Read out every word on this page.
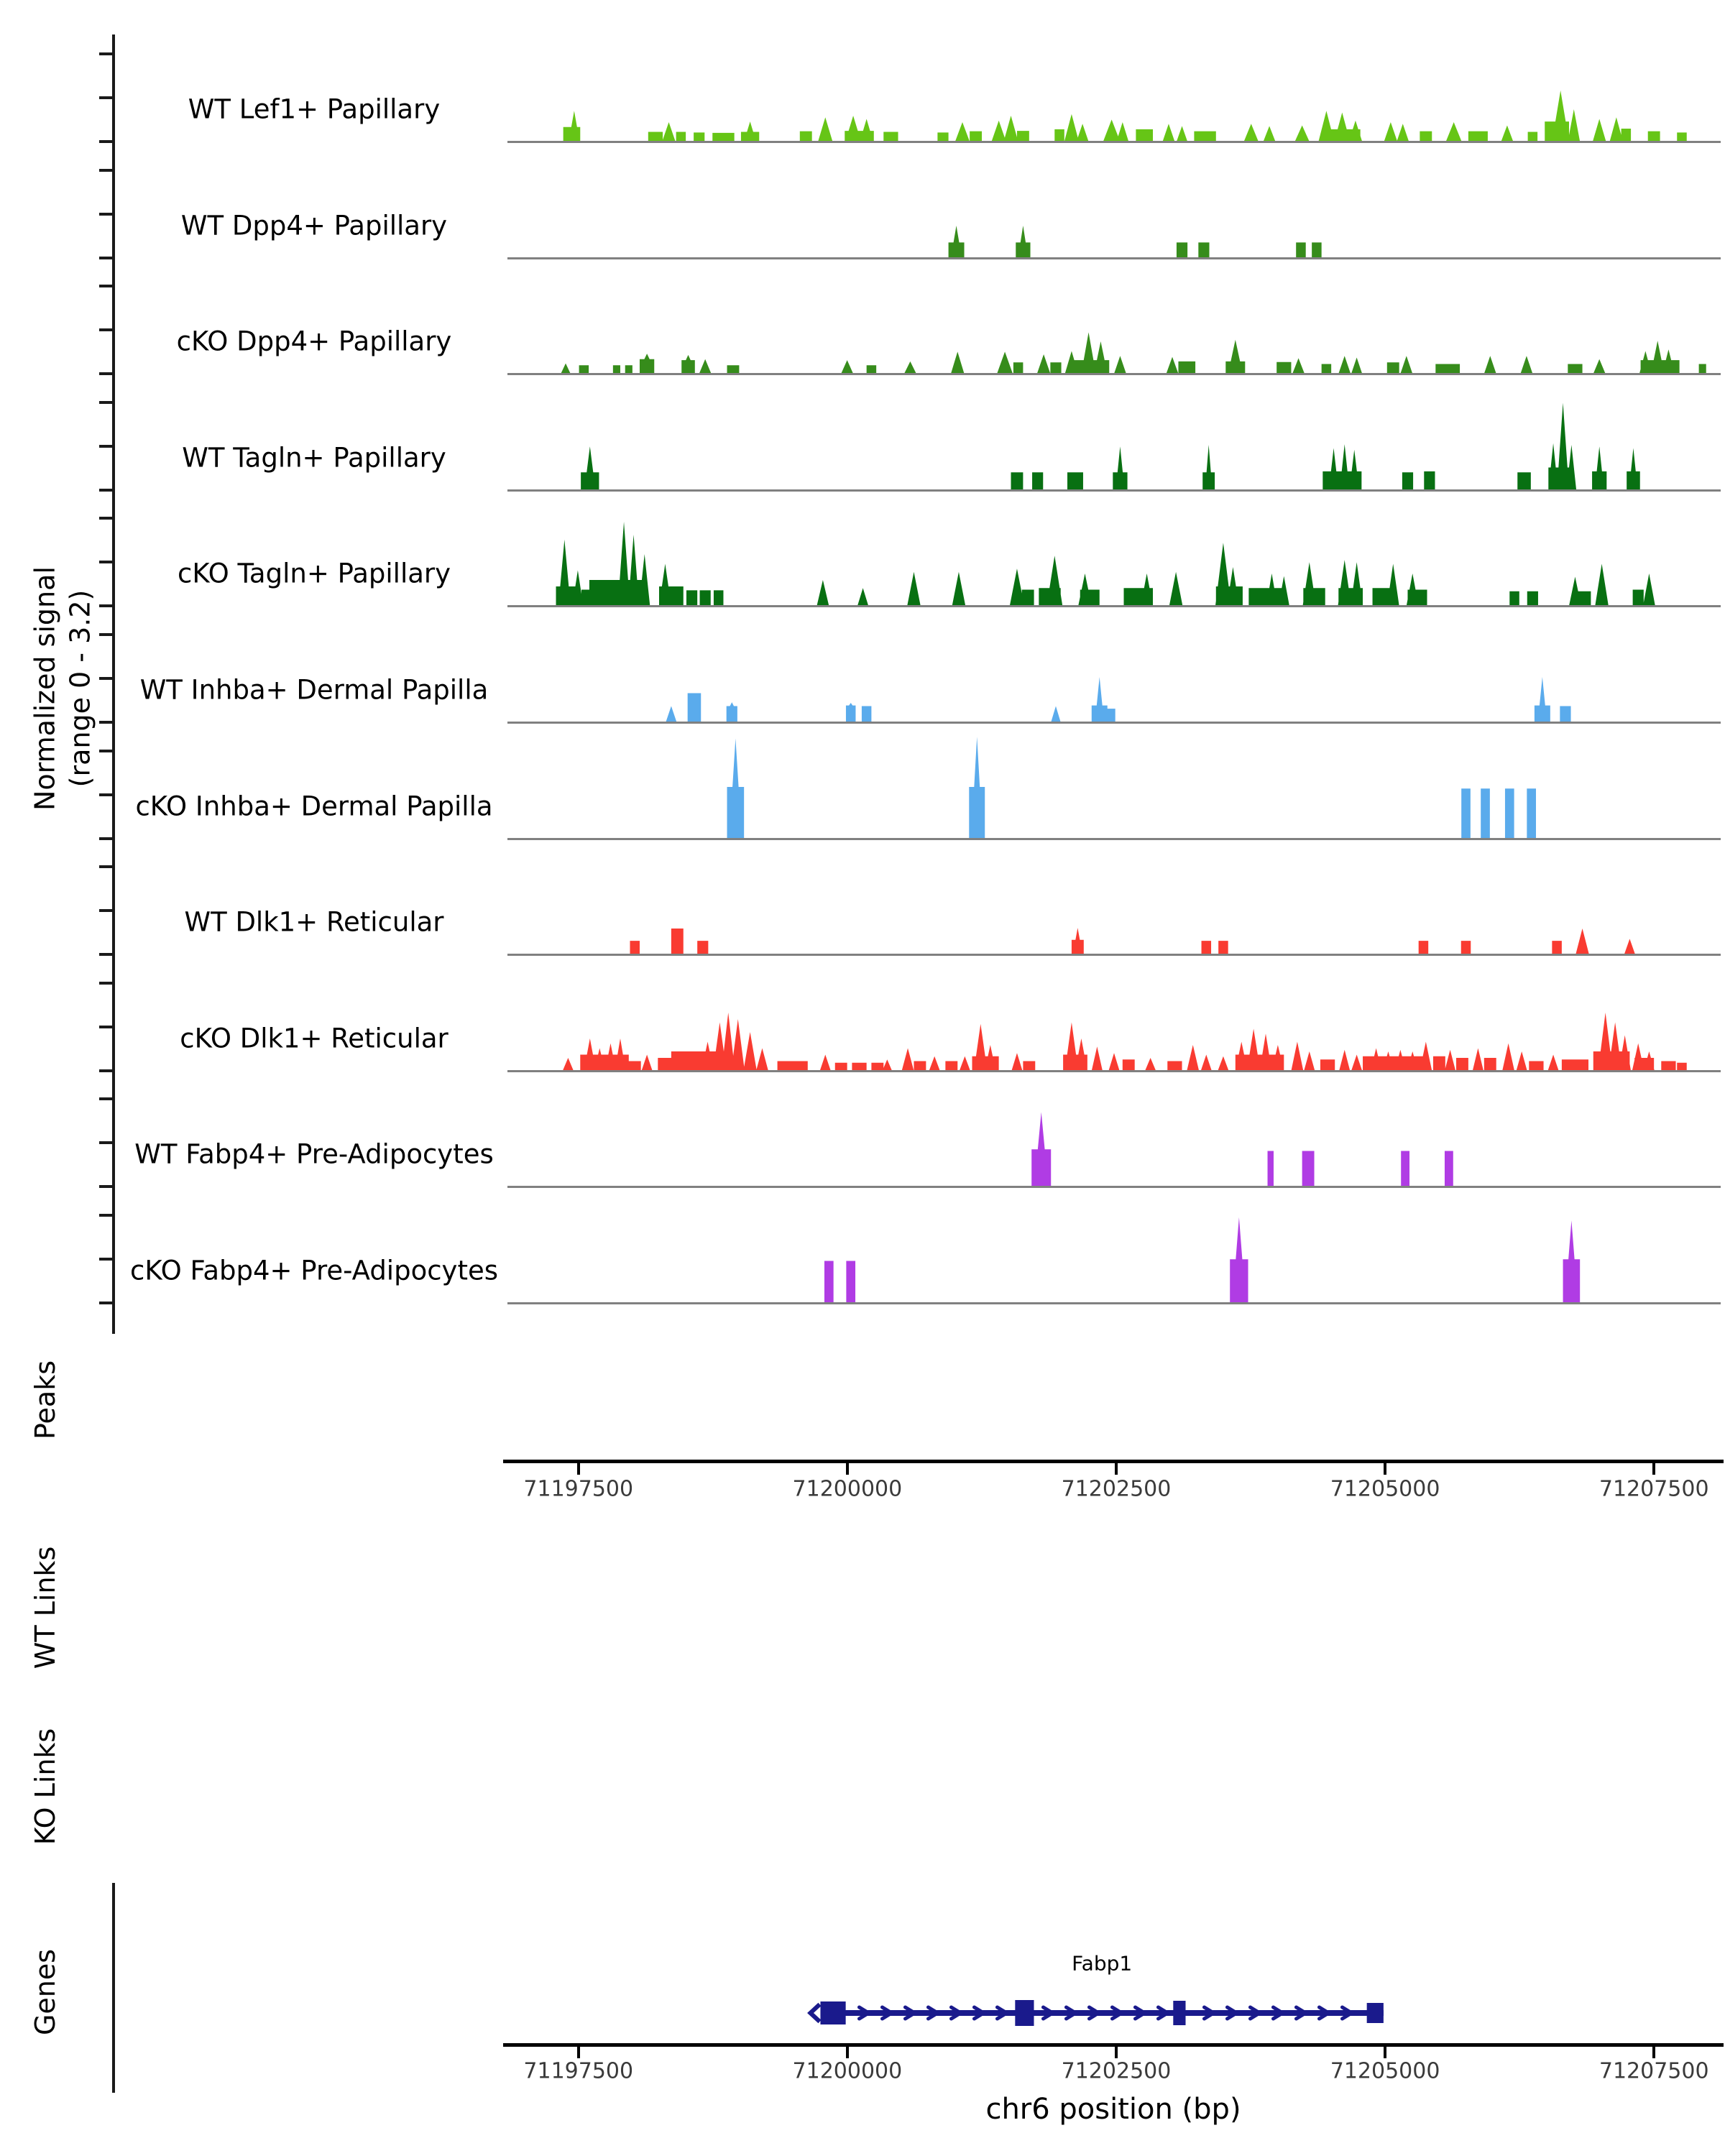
Normalized signal (range 0 - 3.2)
WT Lef1+ Papillary
WT Dpp4+ Papillary
cKO Dpp4+ Papillary
WT Tagln+ Papillary
cKO Tagln+ Papillary
WT Inhba+ Dermal Papilla
cKO Inhba+ Dermal Papilla
WT Dlk1+ Reticular
cKO Dlk1+ Reticular
WT Fabp4+ Pre-Adipocytes
cKO Fabp4+ Pre-Adipocytes
Peaks
WT Links
KO Links
Genes
71197500	71200000	71202500	71205000	71207500
Fabp1
71197500	71200000	71202500	71205000	71207500
chr6 position (bp)
